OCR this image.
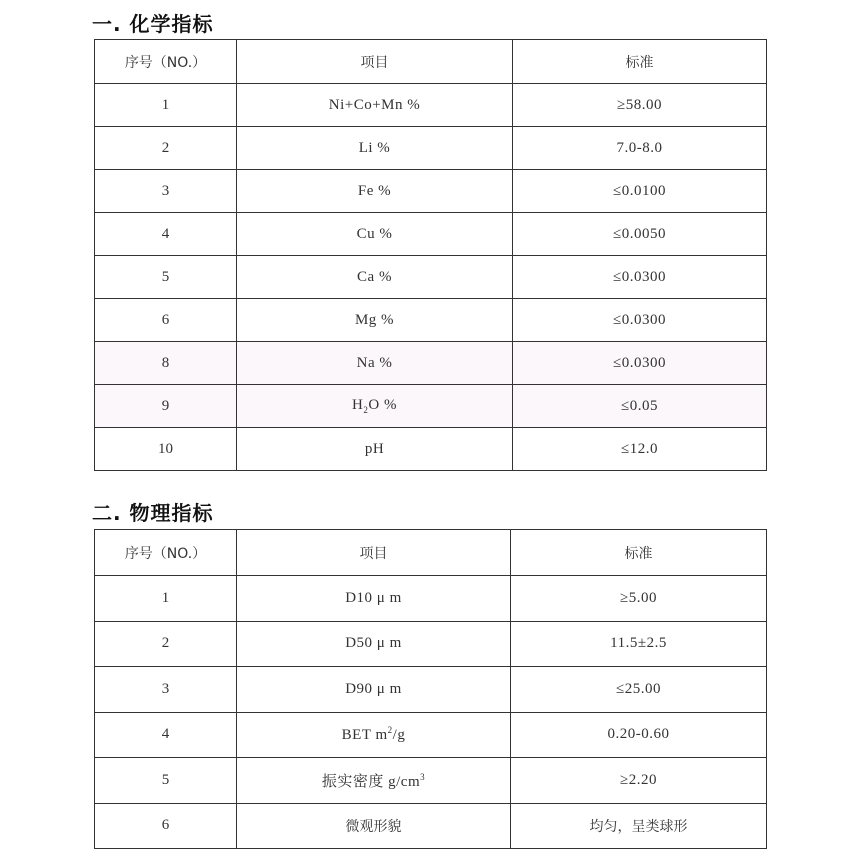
一. 化学指标
序号（NO.）	项目	标准
1	Ni+Co+Mn %	≥58.00
2	Li %	7.0-8.0
3	Fe %	≤0.0100
4	Cu %	≤0.0050
5	Ca %	≤0.0300
6	Mg %	≤0.0300
8	Na %	≤0.0300
9	$H_2O$ %	≤0.05
10	pH	≤12.0
二. 物理指标
序号（NO.）	项目	标准
1	D10 μ m	≥5.00
2	D50 μ m	11.5±2.5
3	D90 μ m	≤25.00
4	BET $m^2/g$	0.20-0.60
5	振实密度 $g/cm^3$	≥2.20
6	微观形貌	均匀，呈类球形
